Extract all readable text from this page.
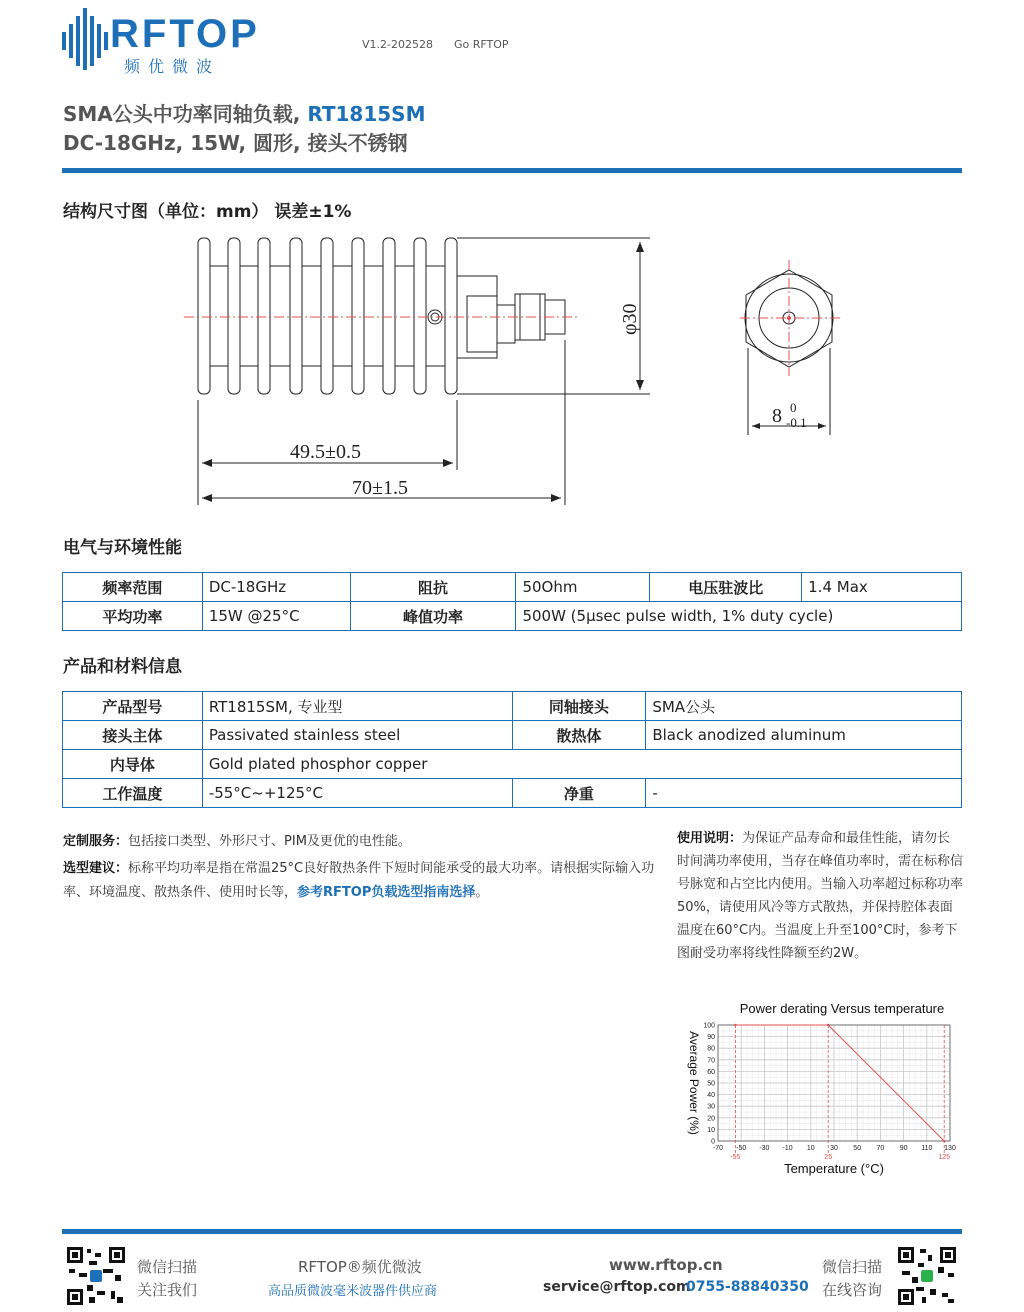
RFTOP
频优微波
V1.2-202528 Go RFTOP
SMA公头中功率同轴负载, RT1815SM
DC-18GHz, 15W, 圆形, 接头不锈钢
结构尺寸图（单位：mm） 误差±1%
49.5±0.5
70±1.5
φ30
8 0
-0.1
电气与环境性能
频率范围	DC-18GHz	阻抗	50Ohm	电压驻波比	1.4 Max
平均功率	15W @25°C	峰值功率	500W (5μsec pulse width, 1% duty cycle)		
产品和材料信息
产品型号	RT1815SM, 专业型	同轴接头	SMA公头
接头主体	Passivated stainless steel	散热体	Black anodized aluminum
内导体	Gold plated phosphor copper		
工作温度	-55°C~+125°C	净重	-
定制服务：包括接口类型、外形尺寸、PIM及更优的电性能。
选型建议：标称平均功率是指在常温25°C良好散热条件下短时间能承受的最大功率。请根据实际输入功率、环境温度、散热条件、使用时长等，参考RFTOP负载选型指南选择。
使用说明：为保证产品寿命和最佳性能，请勿长时间满功率使用，当存在峰值功率时，需在标称信号脉宽和占空比内使用。当输入功率超过标称功率50%，请使用风冷等方式散热，并保持腔体表面温度在60°C内。当温度上升至100°C时，参考下图耐受功率将线性降额至约2W。
-70 -50 -30 -10 10 30 50 70 90 110 130
0
10
20
30
40
50
60
70
80
90
100
-55	25	125
Power derating Versus temperature
Temperature (°C)
Average Power (%)
微信扫描
关注我们
RFTOP®频优微波
高品质微波毫米波器件供应商
www.rftop.cn
service@rftop.com
0755-88840350
微信扫描
在线咨询
